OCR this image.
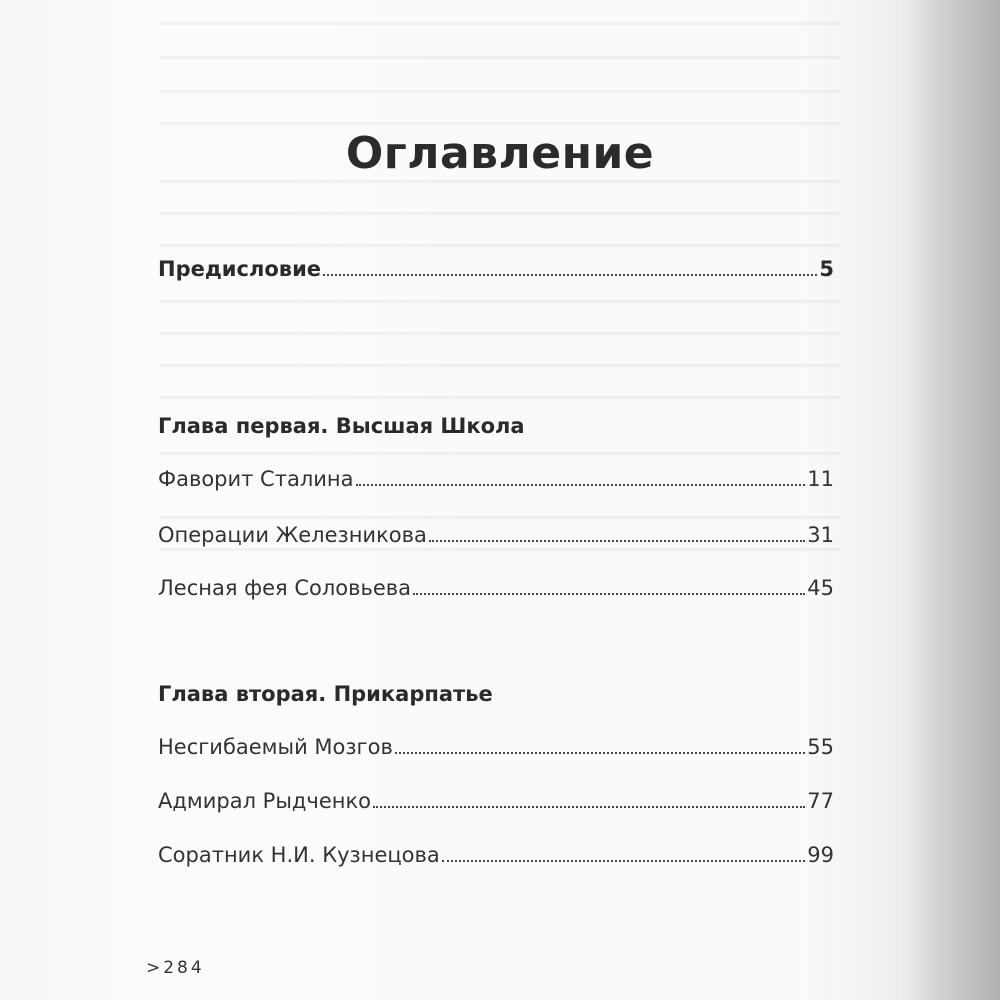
Оглавление
Предисловие	5
Глава первая. Высшая Школа
Фаворит Сталина	11
Операции Железникова	31
Лесная фея Соловьева	45
Глава вторая. Прикарпатье
Несгибаемый Мозгов	55
Адмирал Рыдченко	77
Соратник Н.И. Кузнецова	99
>284
